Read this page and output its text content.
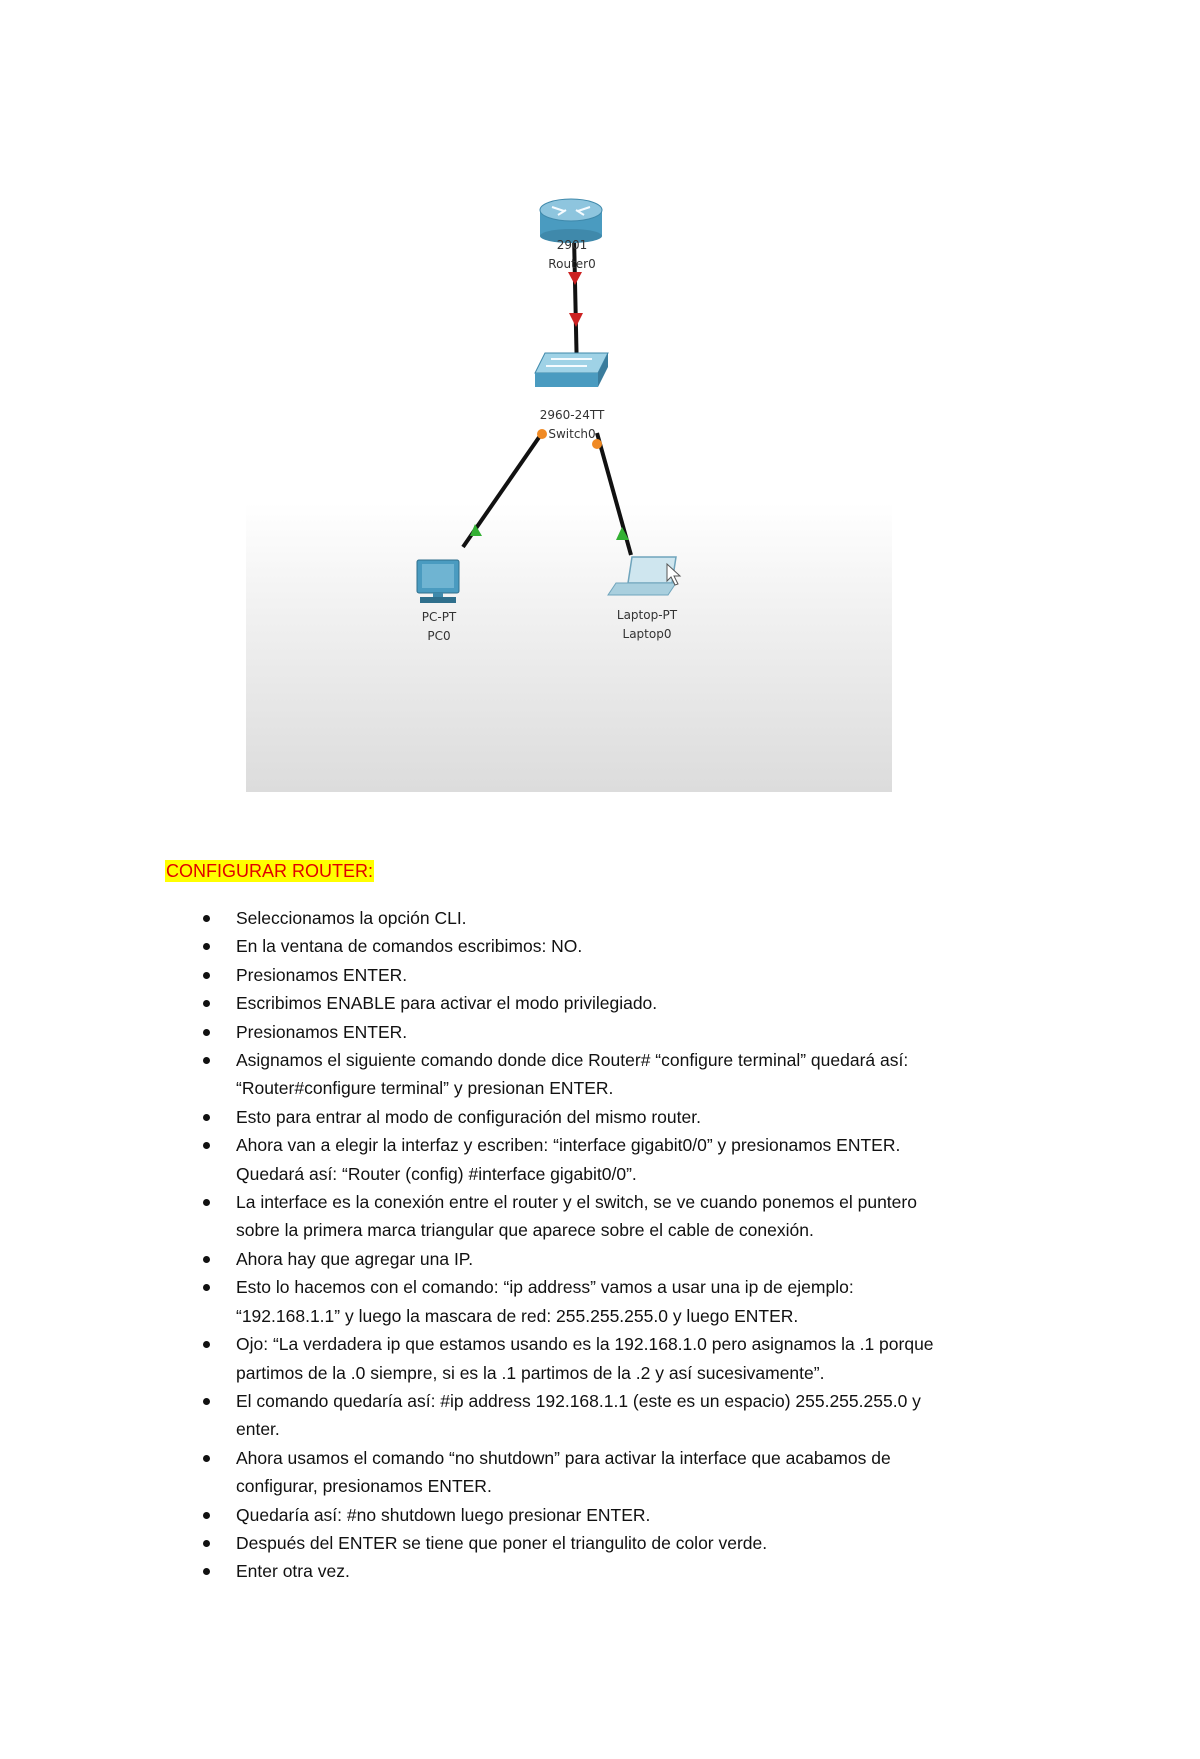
2901
Router0
2960-24TT
Switch0
PC-PT
PC0
Laptop-PT
Laptop0
CONFIGURAR ROUTER:
Seleccionamos la opción CLI.
En la ventana de comandos escribimos: NO.
Presionamos ENTER.
Escribimos ENABLE para activar el modo privilegiado.
Presionamos ENTER.
Asignamos el siguiente comando donde dice Router# “configure terminal” quedará así:
“Router#configure terminal” y presionan ENTER.
Esto para entrar al modo de configuración del mismo router.
Ahora van a elegir la interfaz y escriben: “interface gigabit0/0” y presionamos ENTER.
Quedará así: “Router (config) #interface gigabit0/0”.
La interface es la conexión entre el router y el switch, se ve cuando ponemos el puntero
sobre la primera marca triangular que aparece sobre el cable de conexión.
Ahora hay que agregar una IP.
Esto lo hacemos con el comando: “ip address” vamos a usar una ip de ejemplo:
“192.168.1.1” y luego la mascara de red: 255.255.255.0 y luego ENTER.
Ojo: “La verdadera ip que estamos usando es la 192.168.1.0 pero asignamos la .1 porque
partimos de la .0 siempre, si es la .1 partimos de la .2 y así sucesivamente”.
El comando quedaría así: #ip address 192.168.1.1 (este es un espacio) 255.255.255.0 y
enter.
Ahora usamos el comando “no shutdown” para activar la interface que acabamos de
configurar, presionamos ENTER.
Quedaría así: #no shutdown luego presionar ENTER.
Después del ENTER se tiene que poner el triangulito de color verde.
Enter otra vez.
